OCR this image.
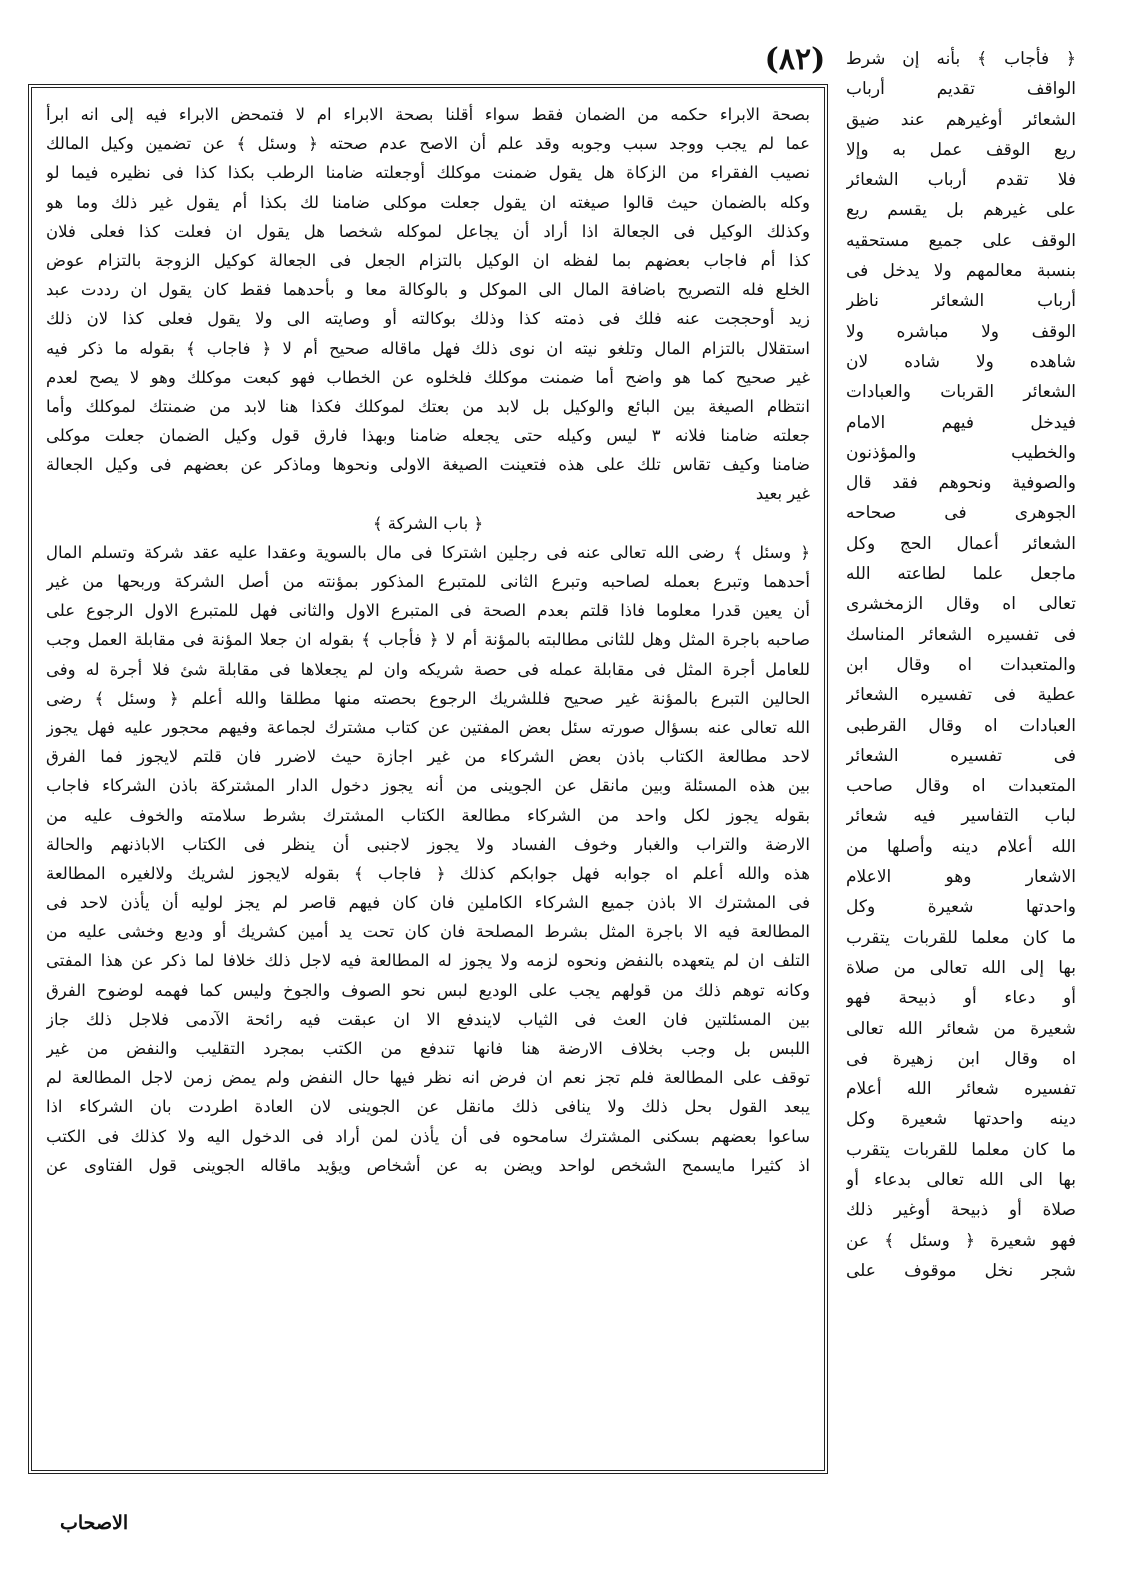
(٨٢)
بصحة الابراء حكمه من الضمان فقط سواء أقلنا بصحة الابراء ام لا فتمحض الابراء فيه إلى انه ابرأ
عما لم يجب ووجد سبب وجوبه وقد علم أن الاصح عدم صحته ﴿ وسئل ﴾ عن تضمين وكيل المالك
نصيب الفقراء من الزكاة هل يقول ضمنت موكلك أوجعلته ضامنا الرطب بكذا كذا فى نظيره فيما لو
وكله بالضمان حيث قالوا صيغته ان يقول جعلت موكلى ضامنا لك بكذا أم يقول غير ذلك وما هو
وكذلك الوكيل فى الجعالة اذا أراد أن يجاعل لموكله شخصا هل يقول ان فعلت كذا فعلى فلان
كذا أم فاجاب بعضهم بما لفظه ان الوكيل بالتزام الجعل فى الجعالة كوكيل الزوجة بالتزام عوض
الخلع فله التصريح باضافة المال الى الموكل و بالوكالة معا و بأحدهما فقط كان يقول ان رددت عبد
زيد أوحججت عنه فلك فى ذمته كذا وذلك بوكالته أو وصايته الى ولا يقول فعلى كذا لان ذلك
استقلال بالتزام المال وتلغو نيته ان نوى ذلك فهل ماقاله صحيح أم لا ﴿ فاجاب ﴾ بقوله ما ذكر فيه
غير صحيح كما هو واضح أما ضمنت موكلك فلخلوه عن الخطاب فهو كبعت موكلك وهو لا يصح لعدم
انتظام الصيغة بين البائع والوكيل بل لابد من بعتك لموكلك فكذا هنا لابد من ضمنتك لموكلك وأما
جعلته ضامنا فلانه ٣ ليس وكيله حتى يجعله ضامنا وبهذا فارق قول وكيل الضمان جعلت موكلى
ضامنا وكيف تقاس تلك على هذه فتعينت الصيغة الاولى ونحوها وماذكر عن بعضهم فى وكيل الجعالة
غير بعيد
﴿ باب الشركة ﴾
﴿ وسئل ﴾ رضى الله تعالى عنه فى رجلين اشتركا فى مال بالسوية وعقدا عليه عقد شركة وتسلم المال
أحدهما وتبرع بعمله لصاحبه وتبرع الثانى للمتبرع المذكور بمؤنته من أصل الشركة وربحها من غير
أن يعين قدرا معلوما فاذا قلتم بعدم الصحة فى المتبرع الاول والثانى فهل للمتبرع الاول الرجوع على
صاحبه باجرة المثل وهل للثانى مطالبته بالمؤنة أم لا ﴿ فأجاب ﴾ بقوله ان جعلا المؤنة فى مقابلة العمل وجب
للعامل أجرة المثل فى مقابلة عمله فى حصة شريكه وان لم يجعلاها فى مقابلة شئ فلا أجرة له وفى
الحالين التبرع بالمؤنة غير صحيح فللشريك الرجوع بحصته منها مطلقا والله أعلم ﴿ وسئل ﴾ رضى
الله تعالى عنه بسؤال صورته سئل بعض المفتين عن كتاب مشترك لجماعة وفيهم محجور عليه فهل يجوز
لاحد مطالعة الكتاب باذن بعض الشركاء من غير اجازة حيث لاضرر فان قلتم لايجوز فما الفرق
بين هذه المسئلة وبين مانقل عن الجوينى من أنه يجوز دخول الدار المشتركة باذن الشركاء فاجاب
بقوله يجوز لكل واحد من الشركاء مطالعة الكتاب المشترك بشرط سلامته والخوف عليه من
الارضة والتراب والغبار وخوف الفساد ولا يجوز لاجنبى أن ينظر فى الكتاب الاباذنهم والحالة
هذه والله أعلم اه جوابه فهل جوابكم كذلك ﴿ فاجاب ﴾ بقوله لايجوز لشريك ولالغيره المطالعة
فى المشترك الا باذن جميع الشركاء الكاملين فان كان فيهم قاصر لم يجز لوليه أن يأذن لاحد فى
المطالعة فيه الا باجرة المثل بشرط المصلحة فان كان تحت يد أمين كشريك أو وديع وخشى عليه من
التلف ان لم يتعهده بالنفض ونحوه لزمه ولا يجوز له المطالعة فيه لاجل ذلك خلافا لما ذكر عن هذا المفتى
وكانه توهم ذلك من قولهم يجب على الوديع لبس نحو الصوف والجوخ وليس كما فهمه لوضوح الفرق
بين المسئلتين فان العث فى الثياب لايندفع الا ان عبقت فيه رائحة الآدمى فلاجل ذلك جاز
اللبس بل وجب بخلاف الارضة هنا فانها تندفع من الكتب بمجرد التقليب والنفض من غير
توقف على المطالعة فلم تجز نعم ان فرض انه نظر فيها حال النفض ولم يمض زمن لاجل المطالعة لم
يبعد القول بحل ذلك ولا ينافى ذلك مانقل عن الجوينى لان العادة اطردت بان الشركاء اذا
ساعوا بعضهم بسكنى المشترك سامحوه فى أن يأذن لمن أراد فى الدخول اليه ولا كذلك فى الكتب
اذ كثيرا مايسمح الشخص لواحد ويضن به عن أشخاص ويؤيد ماقاله الجوينى قول الفتاوى عن
﴿ فأجاب ﴾ بأنه إن شرط
الواقف تقديم أرباب
الشعائر أوغيرهم عند ضيق
ريع الوقف عمل به وإلا
فلا تقدم أرباب الشعائر
على غيرهم بل يقسم ريع
الوقف على جميع مستحقيه
بنسبة معالمهم ولا يدخل فى
أرباب الشعائر ناظر
الوقف ولا مباشره ولا
شاهده ولا شاده لان
الشعائر القربات والعبادات
فيدخل فيهم الامام
والخطيب والمؤذنون
والصوفية ونحوهم فقد قال
الجوهرى فى صحاحه
الشعائر أعمال الحج وكل
ماجعل علما لطاعته الله
تعالى اه وقال الزمخشرى
فى تفسيره الشعائر المناسك
والمتعبدات اه وقال ابن
عطية فى تفسيره الشعائر
العبادات اه وقال القرطبى
فى تفسيره الشعائر
المتعبدات اه وقال صاحب
لباب التفاسير فيه شعائر
الله أعلام دينه وأصلها من
الاشعار وهو الاعلام
واحدتها شعيرة وكل
ما كان معلما للقربات يتقرب
بها إلى الله تعالى من صلاة
أو دعاء أو ذبيحة فهو
شعيرة من شعائر الله تعالى
اه وقال ابن زهيرة فى
تفسيره شعائر الله أعلام
دينه واحدتها شعيرة وكل
ما كان معلما للقربات يتقرب
بها الى الله تعالى بدعاء أو
صلاة أو ذبيحة أوغير ذلك
فهو شعيرة ﴿ وسئل ﴾ عن
شجر نخل موقوف على
الاصحاب
